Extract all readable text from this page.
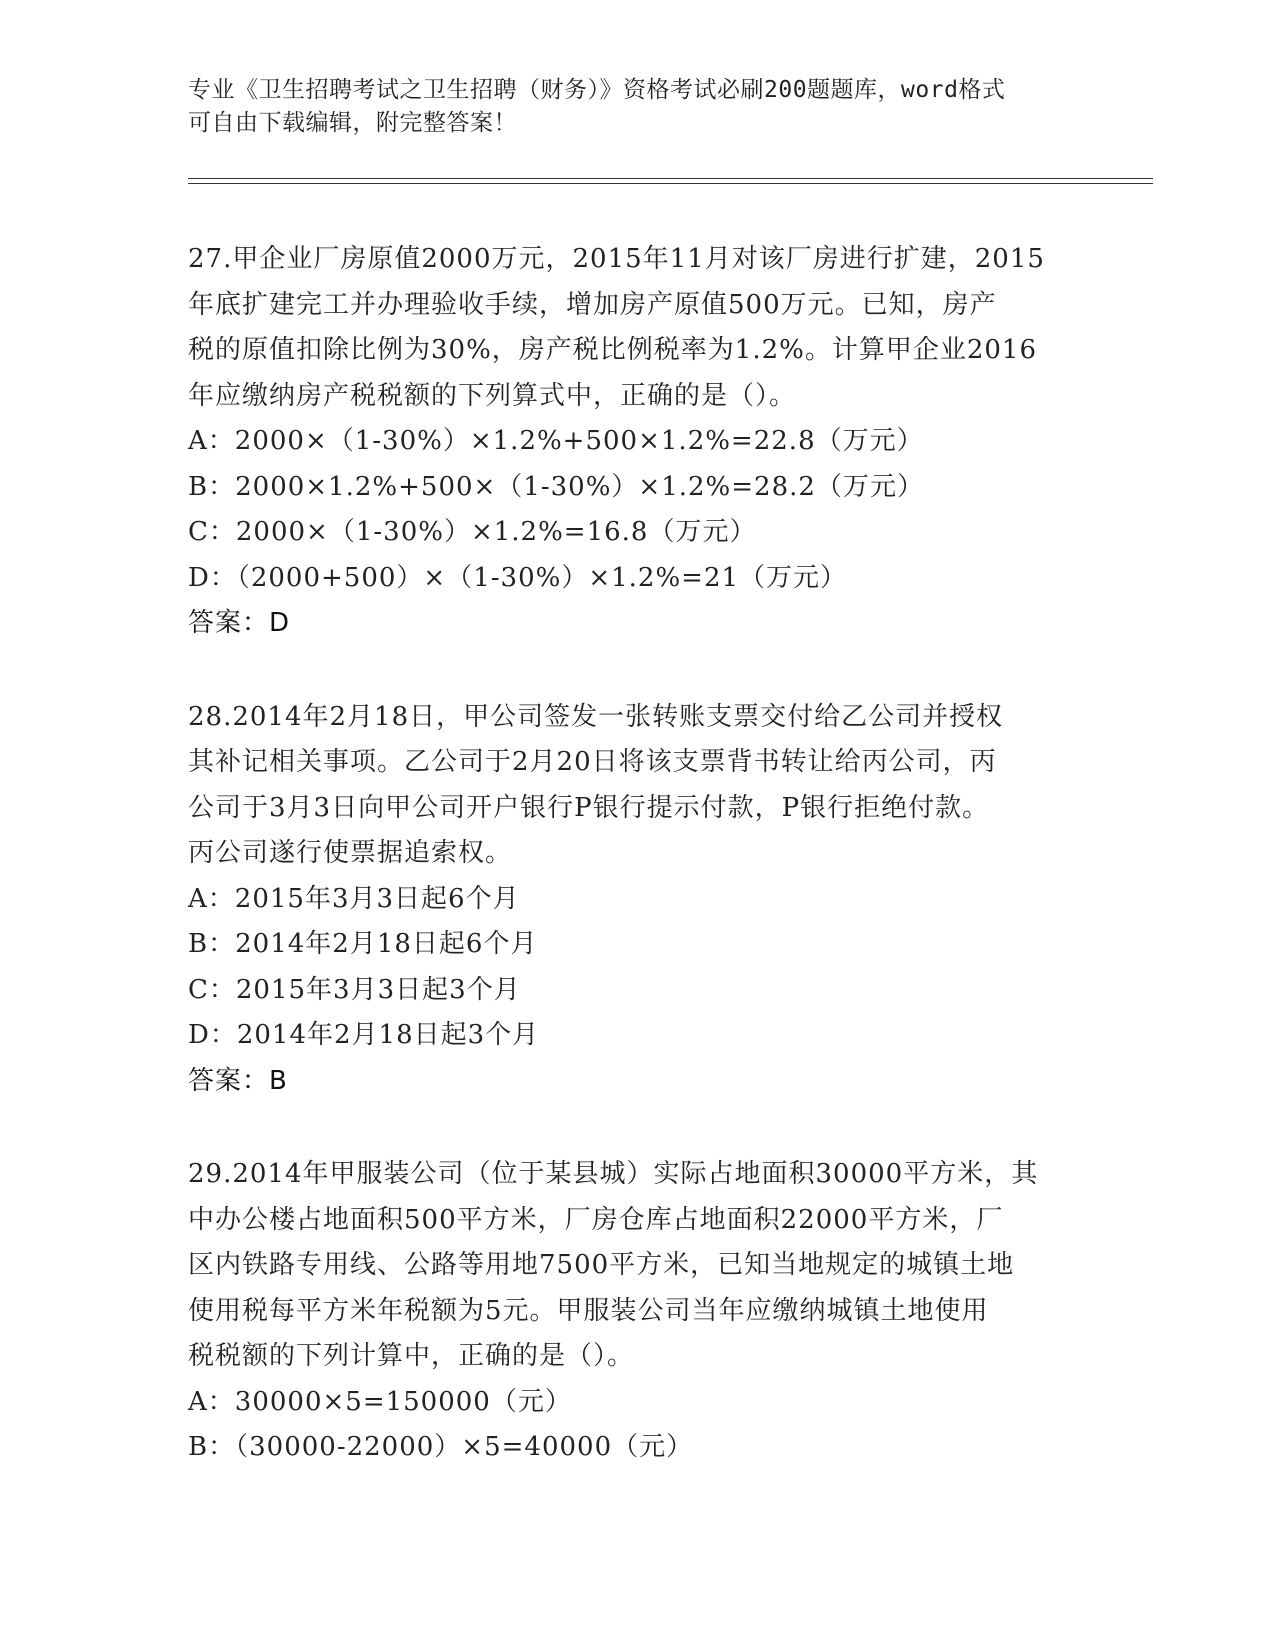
专业《卫生招聘考试之卫生招聘（财务）》资格考试必刷200题题库，word格式
可自由下载编辑，附完整答案！

27.甲企业厂房原值2000万元，2015年11月对该厂房进行扩建，2015

年底扩建完工并办理验收手续，增加房产原值500万元。已知，房产

税的原值扣除比例为30%，房产税比例税率为1.2%。计算甲企业2016

年应缴纳房产税税额的下列算式中，正确的是（）。

A：2000×（1-30%）×1.2%+500×1.2%=22.8（万元）

B：2000×1.2%+500×（1-30%）×1.2%=28.2（万元）

C：2000×（1-30%）×1.2%=16.8（万元）

D：（2000+500）×（1-30%）×1.2%=21（万元）

答案：D

28.2014年2月18日，甲公司签发一张转账支票交付给乙公司并授权

其补记相关事项。乙公司于2月20日将该支票背书转让给丙公司，丙

公司于3月3日向甲公司开户银行P银行提示付款，P银行拒绝付款。

丙公司遂行使票据追索权。

A：2015年3月3日起6个月

B：2014年2月18日起6个月

C：2015年3月3日起3个月

D：2014年2月18日起3个月

答案：B

29.2014年甲服装公司（位于某县城）实际占地面积30000平方米，其

中办公楼占地面积500平方米，厂房仓库占地面积22000平方米，厂

区内铁路专用线、公路等用地7500平方米，已知当地规定的城镇土地

使用税每平方米年税额为5元。甲服装公司当年应缴纳城镇土地使用

税税额的下列计算中，正确的是（）。

A：30000×5=150000（元）

B：（30000-22000）×5=40000（元）
